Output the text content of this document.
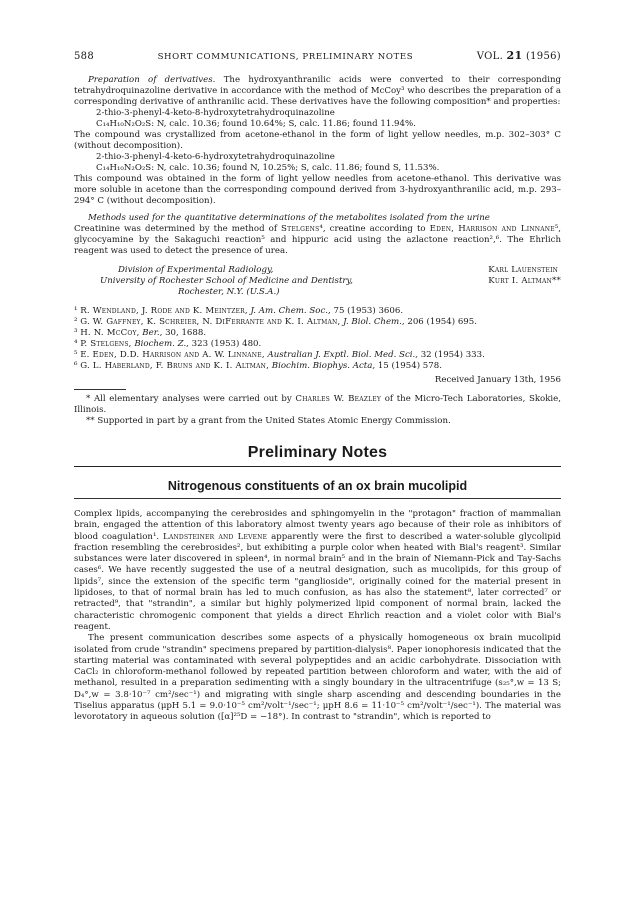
588	SHORT COMMUNICATIONS, PRELIMINARY NOTES	VOL. 21 (1956)

Preparation of derivatives. The hydroxyanthranilic acids were converted to their corresponding tetrahydroquinazoline derivative in accordance with the method of McCoy³ who describes the preparation of a corresponding derivative of anthranilic acid. These derivatives have the following composition* and properties:

2-thio-3-phenyl-4-keto-8-hydroxytetrahydroquinazoline

C₁₄H₁₀N₂O₂S: N, calc. 10.36; found 10.64%; S, calc. 11.86; found 11.94%.

The compound was crystallized from acetone-ethanol in the form of light yellow needles, m.p. 302–303° C (without decomposition).

2-thio-3-phenyl-4-keto-6-hydroxytetrahydroquinazoline

C₁₄H₁₀N₂O₂S: N, calc. 10.36; found N, 10.25%; S, calc. 11.86; found S, 11.53%.

This compound was obtained in the form of light yellow needles from acetone-ethanol. This derivative was more soluble in acetone than the corresponding compound derived from 3-hydroxyanthranilic acid, m.p. 293–294° C (without decomposition).

Methods used for the quantitative determinations of the metabolites isolated from the urine

Creatinine was determined by the method of Stelgens⁴, creatine according to Eden, Harrison and Linnane⁵, glycocyamine by the Sakaguchi reaction⁵ and hippuric acid using the azlactone reaction²,⁶. The Ehrlich reagent was used to detect the presence of urea.

Division of Experimental Radiology,
University of Rochester School of Medicine and Dentistry,
Rochester, N.Y. (U.S.A.)
Karl Lauenstein
Kurt I. Altman**

¹ R. Wendland, J. Rode and K. Meintzer, J. Am. Chem. Soc., 75 (1953) 3606.

² G. W. Gaffney, K. Schreier, N. DiFerrante and K. I. Altman, J. Biol. Chem., 206 (1954) 695.

³ H. N. McCoy, Ber., 30, 1688.

⁴ P. Stelgens, Biochem. Z., 323 (1953) 480.

⁵ E. Eden, D.D. Harrison and A. W. Linnane, Australian J. Exptl. Biol. Med. Sci., 32 (1954) 333.

⁶ G. L. Haberland, F. Bruns and K. I. Altman, Biochim. Biophys. Acta, 15 (1954) 578.

Received January 13th, 1956

* All elementary analyses were carried out by Charles W. Beazley of the Micro-Tech Laboratories, Skokie, Illinois.

** Supported in part by a grant from the United States Atomic Energy Commission.

Preliminary Notes
Nitrogenous constituents of an ox brain mucolipid

Complex lipids, accompanying the cerebrosides and sphingomyelin in the "protagon" fraction of mammalian brain, engaged the attention of this laboratory almost twenty years ago because of their role as inhibitors of blood coagulation¹. Landsteiner and Levene apparently were the first to described a water-soluble glycolipid fraction resembling the cerebrosides², but exhibiting a purple color when heated with Bial's reagent³. Similar substances were later discovered in spleen⁴, in normal brain⁵ and in the brain of Niemann-Pick and Tay-Sachs cases⁶. We have recently suggested the use of a neutral designation, such as mucolipids, for this group of lipids⁷, since the extension of the specific term "ganglioside", originally coined for the material present in lipidoses, to that of normal brain has led to much confusion, as has also the statement⁸, later corrected⁷ or retracted⁹, that "strandin", a similar but highly polymerized lipid component of normal brain, lacked the characteristic chromogenic component that yields a direct Ehrlich reaction and a violet color with Bial's reagent.

The present communication describes some aspects of a physically homogeneous ox brain mucolipid isolated from crude "strandin" specimens prepared by partition-dialysis⁸. Paper ionophoresis indicated that the starting material was contaminated with several polypeptides and an acidic carbohydrate. Dissociation with CaCl₂ in chloroform-methanol followed by repeated partition between chloroform and water, with the aid of methanol, resulted in a preparation sedimenting with a singly boundary in the ultracentrifuge (s₂₅°,w = 13 S; D₄°,w = 3.8·10⁻⁷ cm²/sec⁻¹) and migrating with single sharp ascending and descending boundaries in the Tiselius apparatus (μpH 5.1 = 9.0·10⁻⁵ cm²/volt⁻¹/sec⁻¹; μpH 8.6 = 11·10⁻⁵ cm²/volt⁻¹/sec⁻¹). The material was levorotatory in aqueous solution ([α]²⁵D = −18°). In contrast to "strandin", which is reported to
